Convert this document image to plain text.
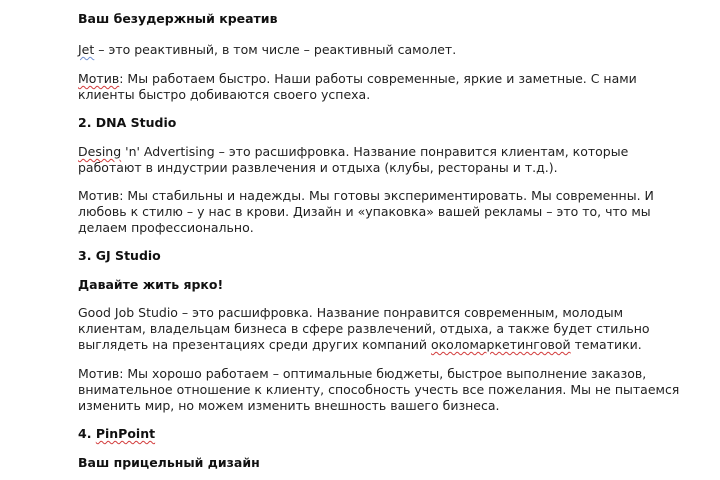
Ваш безудержный креатив
Jet – это реактивный, в том числе – реактивный самолет.
Мотив: Мы работаем быстро. Наши работы современные, яркие и заметные. С нами
клиенты быстро добиваются своего успеха.
2. DNA Studio
Desing 'n' Advertising – это расшифровка. Название понравится клиентам, которые
работают в индустрии развлечения и отдыха (клубы, рестораны и т.д.).
Мотив: Мы стабильны и надежды. Мы готовы экспериментировать. Мы современны. И
любовь к стилю – у нас в крови. Дизайн и «упаковка» вашей рекламы – это то, что мы
делаем профессионально.
3. GJ Studio
Давайте жить ярко!
Good Job Studio – это расшифровка. Название понравится современным, молодым
клиентам, владельцам бизнеса в сфере развлечений, отдыха, а также будет стильно
выглядеть на презентациях среди других компаний околомаркетинговой тематики.
Мотив: Мы хорошо работаем – оптимальные бюджеты, быстрое выполнение заказов,
внимательное отношение к клиенту, способность учесть все пожелания. Мы не пытаемся
изменить мир, но можем изменить внешность вашего бизнеса.
4. PinPoint
Ваш прицельный дизайн
